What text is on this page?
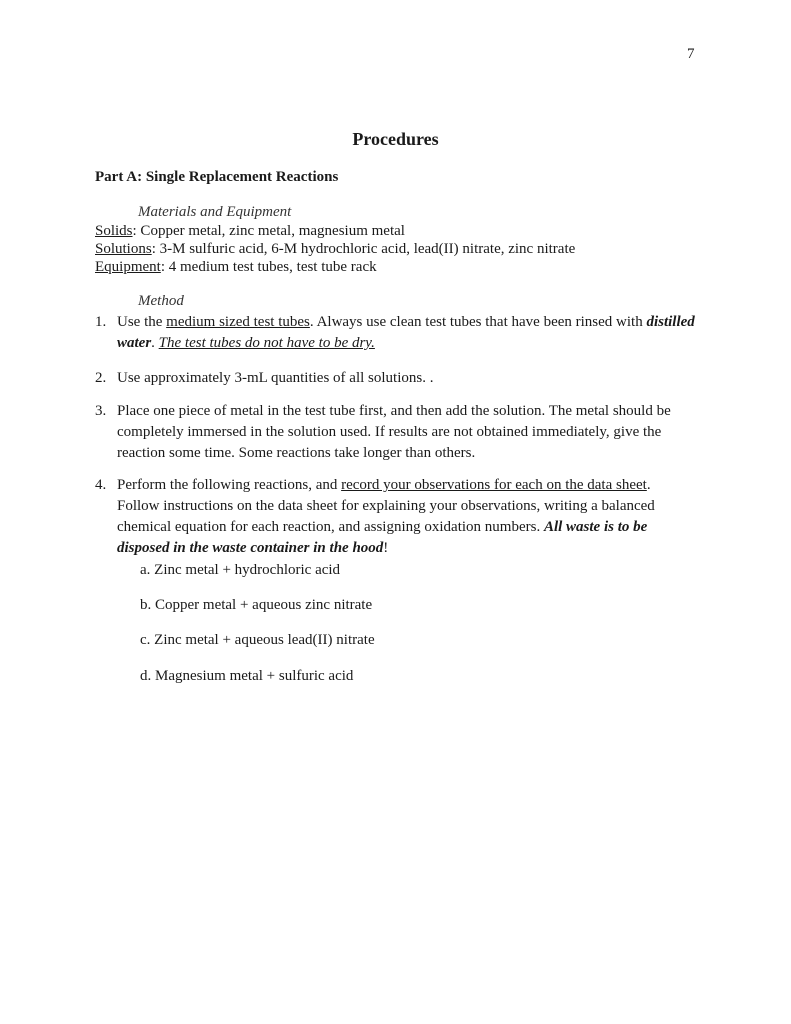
7
Procedures
Part A: Single Replacement Reactions
Materials and Equipment
Solids: Copper metal, zinc metal, magnesium metal
Solutions: 3-M sulfuric acid, 6-M hydrochloric acid, lead(II) nitrate, zinc nitrate
Equipment: 4 medium test tubes, test tube rack
Method
1. Use the medium sized test tubes. Always use clean test tubes that have been rinsed with distilled water. The test tubes do not have to be dry.
2. Use approximately 3-mL quantities of all solutions. .
3. Place one piece of metal in the test tube first, and then add the solution. The metal should be completely immersed in the solution used. If results are not obtained immediately, give the reaction some time. Some reactions take longer than others.
4. Perform the following reactions, and record your observations for each on the data sheet. Follow instructions on the data sheet for explaining your observations, writing a balanced chemical equation for each reaction, and assigning oxidation numbers. All waste is to be disposed in the waste container in the hood!
a. Zinc metal + hydrochloric acid
b. Copper metal + aqueous zinc nitrate
c. Zinc metal + aqueous lead(II) nitrate
d. Magnesium metal + sulfuric acid
